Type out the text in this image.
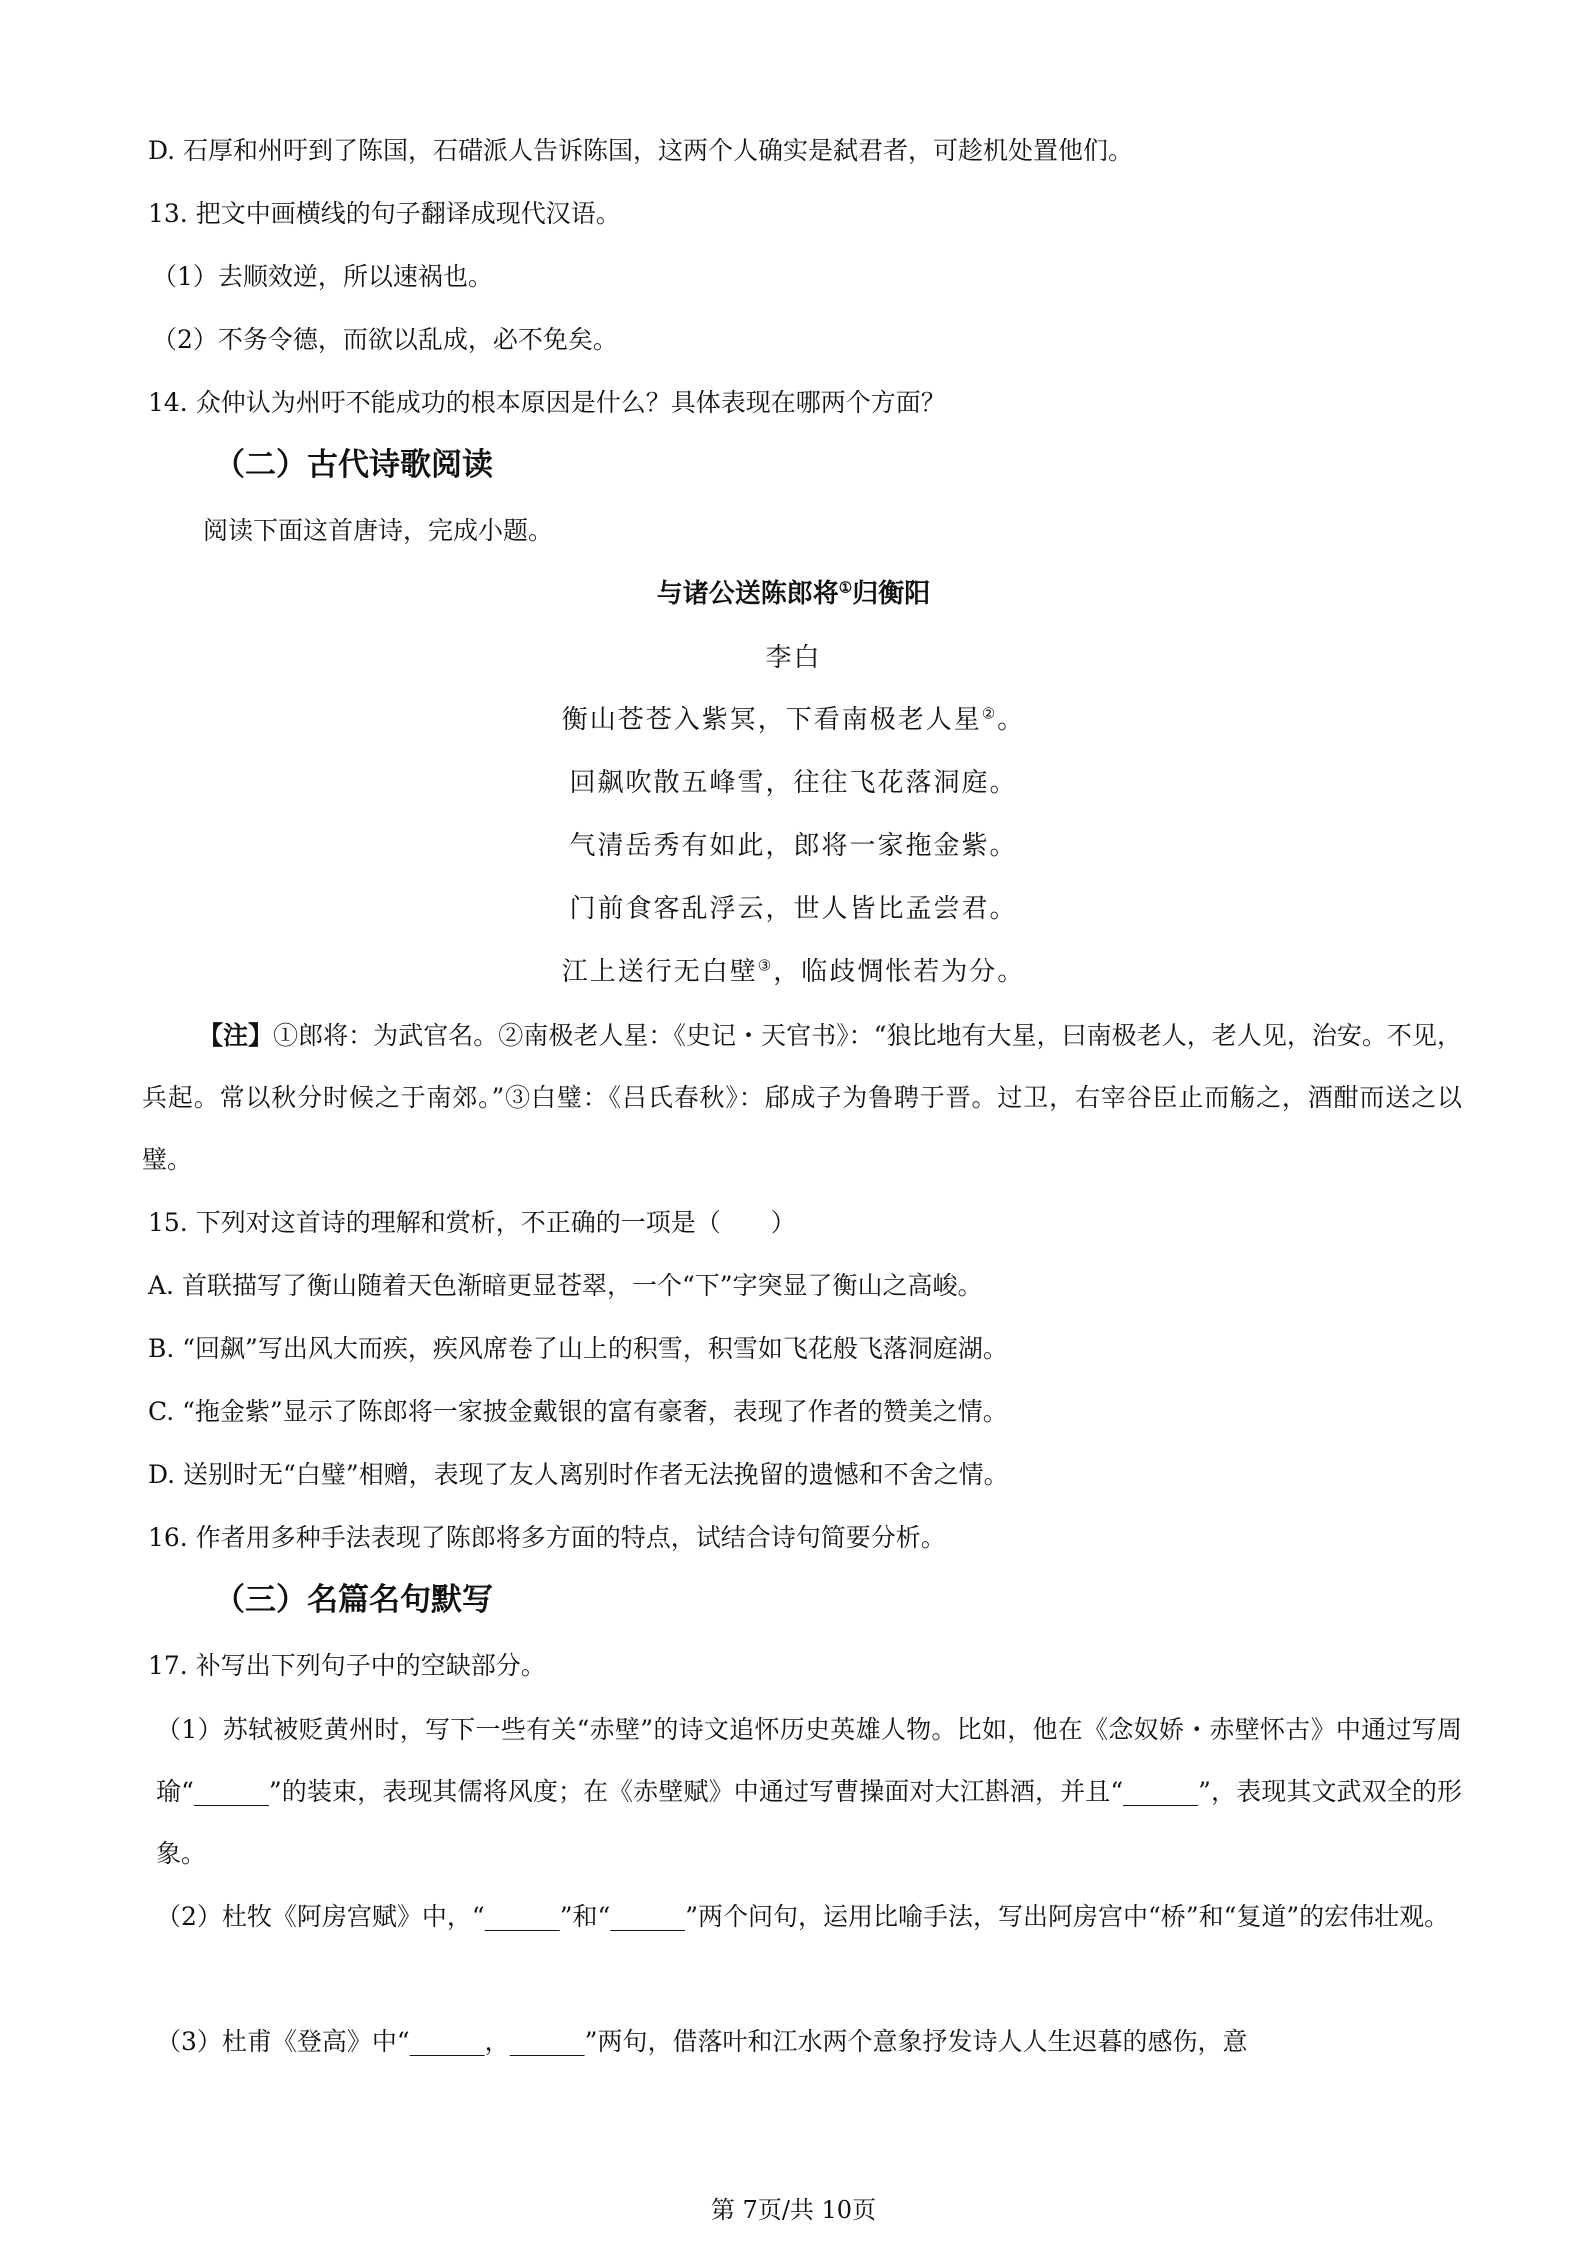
D. 石厚和州吁到了陈国，石碏派人告诉陈国，这两个人确实是弑君者，可趁机处置他们。
13. 把文中画横线的句子翻译成现代汉语。
（1）去顺效逆，所以速祸也。
（2）不务令德，而欲以乱成，必不免矣。
14. 众仲认为州吁不能成功的根本原因是什么？具体表现在哪两个方面？
（二）古代诗歌阅读
阅读下面这首唐诗，完成小题。
与诸公送陈郎将①归衡阳
李白
衡山苍苍入紫冥，下看南极老人星②。
回飙吹散五峰雪，往往飞花落洞庭。
气清岳秀有如此，郎将一家拖金紫。
门前食客乱浮云，世人皆比孟尝君。
江上送行无白壁③，临歧惆怅若为分。
【注】①郎将：为武官名。②南极老人星：《史记・天官书》：“狼比地有大星，曰南极老人，老人见，治安。不见，兵起。常以秋分时候之于南郊。”③白璧：《吕氏春秋》：郈成子为鲁聘于晋。过卫，右宰谷臣止而觞之，酒酣而送之以璧。
15. 下列对这首诗的理解和赏析，不正确的一项是（　　）
A. 首联描写了衡山随着天色渐暗更显苍翠，一个“下”字突显了衡山之高峻。
B. “回飙”写出风大而疾，疾风席卷了山上的积雪，积雪如飞花般飞落洞庭湖。
C. “拖金紫”显示了陈郎将一家披金戴银的富有豪奢，表现了作者的赞美之情。
D. 送别时无“白璧”相赠，表现了友人离别时作者无法挽留的遗憾和不舍之情。
16. 作者用多种手法表现了陈郎将多方面的特点，试结合诗句简要分析。
（三）名篇名句默写
17. 补写出下列句子中的空缺部分。
（1）苏轼被贬黄州时，写下一些有关“赤壁”的诗文追怀历史英雄人物。比如，他在《念奴娇・赤壁怀古》中通过写周瑜“______”的装束，表现其儒将风度；在《赤壁赋》中通过写曹操面对大江斟酒，并且“______”，表现其文武双全的形象。
（2）杜牧《阿房宫赋》中，“______”和“______”两个问句，运用比喻手法，写出阿房宫中“桥”和“复道”的宏伟壮观。
（3）杜甫《登高》中“______，______”两句，借落叶和江水两个意象抒发诗人人生迟暮的感伤，意
第 7页/共 10页
